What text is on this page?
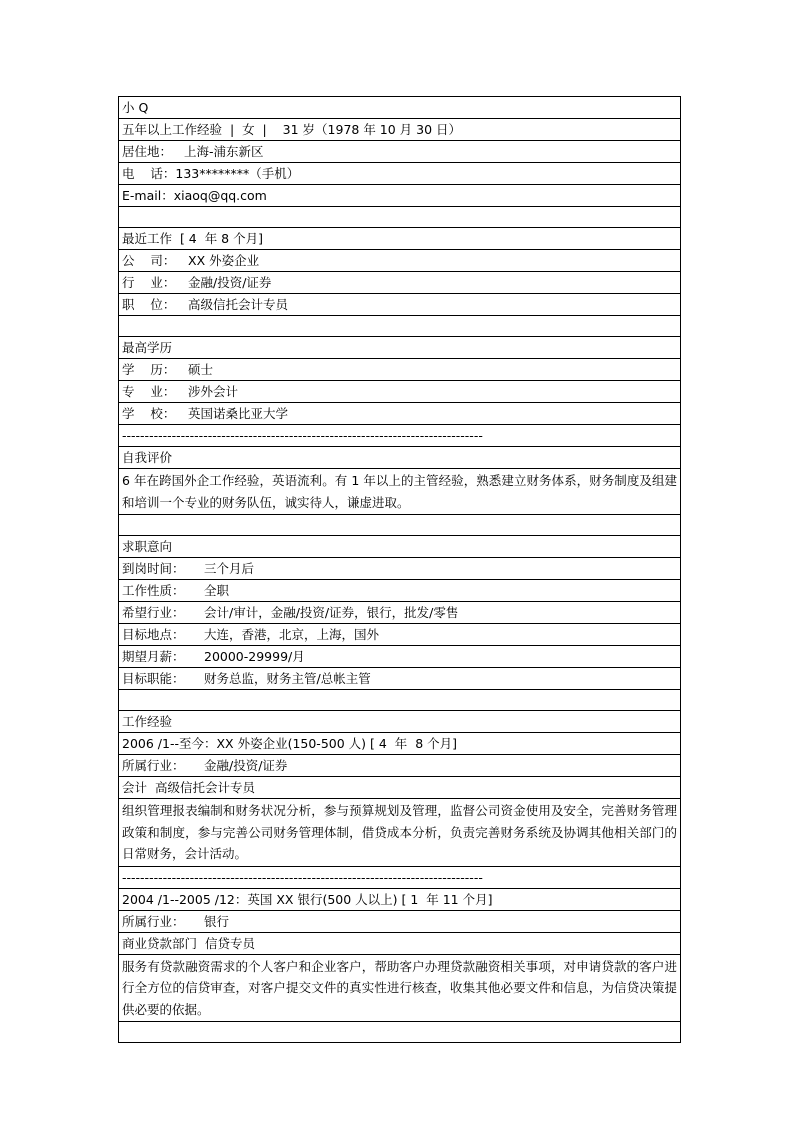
小 Q
五年以上工作经验  |  女  |    31 岁（1978 年 10 月 30 日）
居住地： 上海-浦东新区
电    话：133********（手机）
E-mail：xiaoq@qq.com

最近工作  [ 4  年 8 个月]
公    司： XX 外姿企业
行    业： 金融/投资/证券
职    位： 高级信托会计专员

最高学历
学    历： 硕士
专    业： 涉外会计
学    校： 英国诺桑比亚大学
--------------------------------------------------------------------------------
自我评价
6 年在跨国外企工作经验，英语流利。有 1 年以上的主管经验，熟悉建立财务体系，财务制度及组建和培训一个专业的财务队伍，诚实待人，谦虚进取。

求职意向
到岗时间： 三个月后
工作性质： 全职
希望行业： 会计/审计，金融/投资/证券，银行，批发/零售
目标地点： 大连，香港，北京，上海，国外
期望月薪： 20000-29999/月
目标职能： 财务总监，财务主管/总帐主管

工作经验
2006 /1--至今：XX 外姿企业(150-500 人) [ 4  年  8 个月]
所属行业： 金融/投资/证券
会计  高级信托会计专员
组织管理报表编制和财务状况分析，参与预算规划及管理，监督公司资金使用及安全，完善财务管理政策和制度，参与完善公司财务管理体制，借贷成本分析，负责完善财务系统及协调其他相关部门的日常财务，会计活动。
--------------------------------------------------------------------------------
2004 /1--2005 /12：英国 XX 银行(500 人以上) [ 1  年 11 个月]
所属行业： 银行
商业贷款部门  信贷专员
服务有贷款融资需求的个人客户和企业客户，帮助客户办理贷款融资相关事项，对申请贷款的客户进行全方位的信贷审查，对客户提交文件的真实性进行核查，收集其他必要文件和信息，为信贷决策提供必要的依据。
